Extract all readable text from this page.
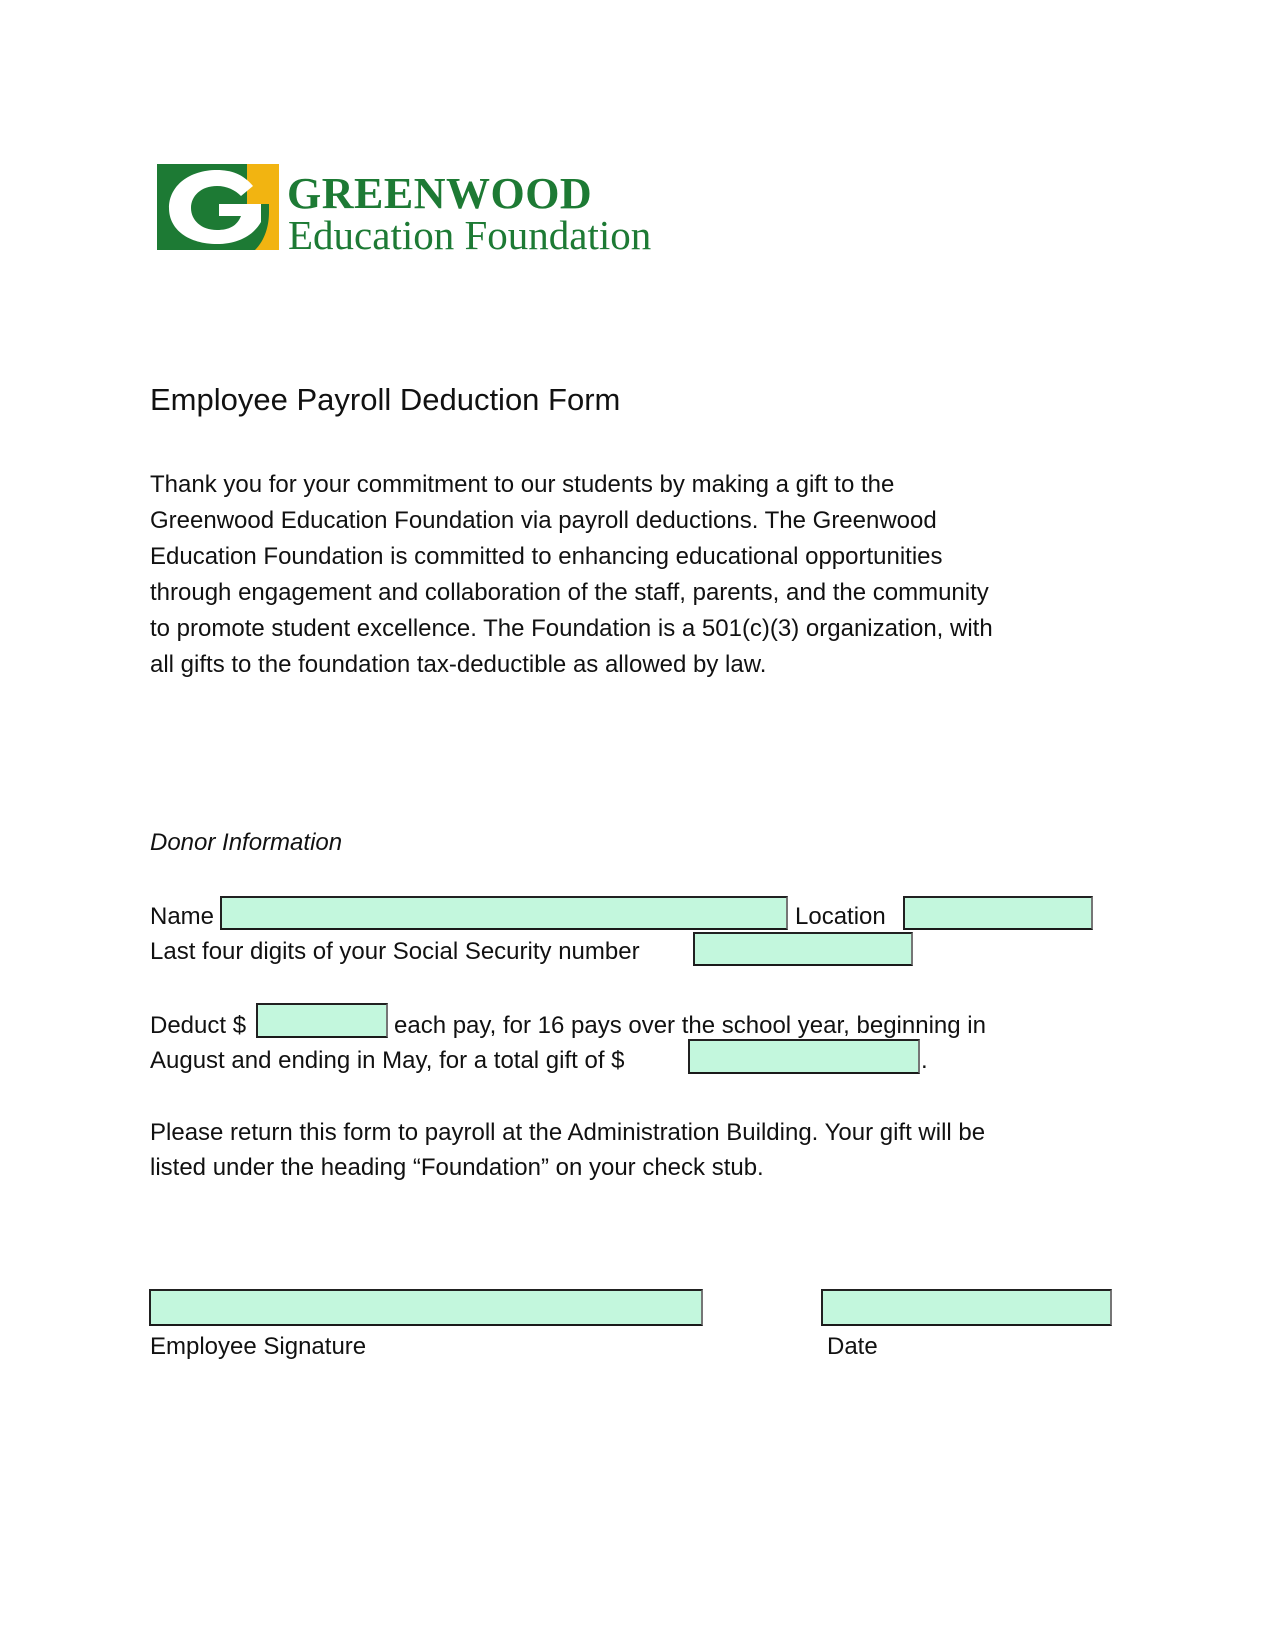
GREENWOOD
Education Foundation
Employee Payroll Deduction Form
Thank you for your commitment to our students by making a gift to the
Greenwood Education Foundation via payroll deductions. The Greenwood
Education Foundation is committed to enhancing educational opportunities
through engagement and collaboration of the staff, parents, and the community
to promote student excellence. The Foundation is a 501(c)(3) organization, with
all gifts to the foundation tax-deductible as allowed by law.
Donor Information
Name	Location
Last four digits of your Social Security number
Deduct $	each pay, for 16 pays over the school year, beginning in
August and ending in May, for a total gift of $	.
Please return this form to payroll at the Administration Building. Your gift will be
listed under the heading “Foundation” on your check stub.
Employee Signature	Date
